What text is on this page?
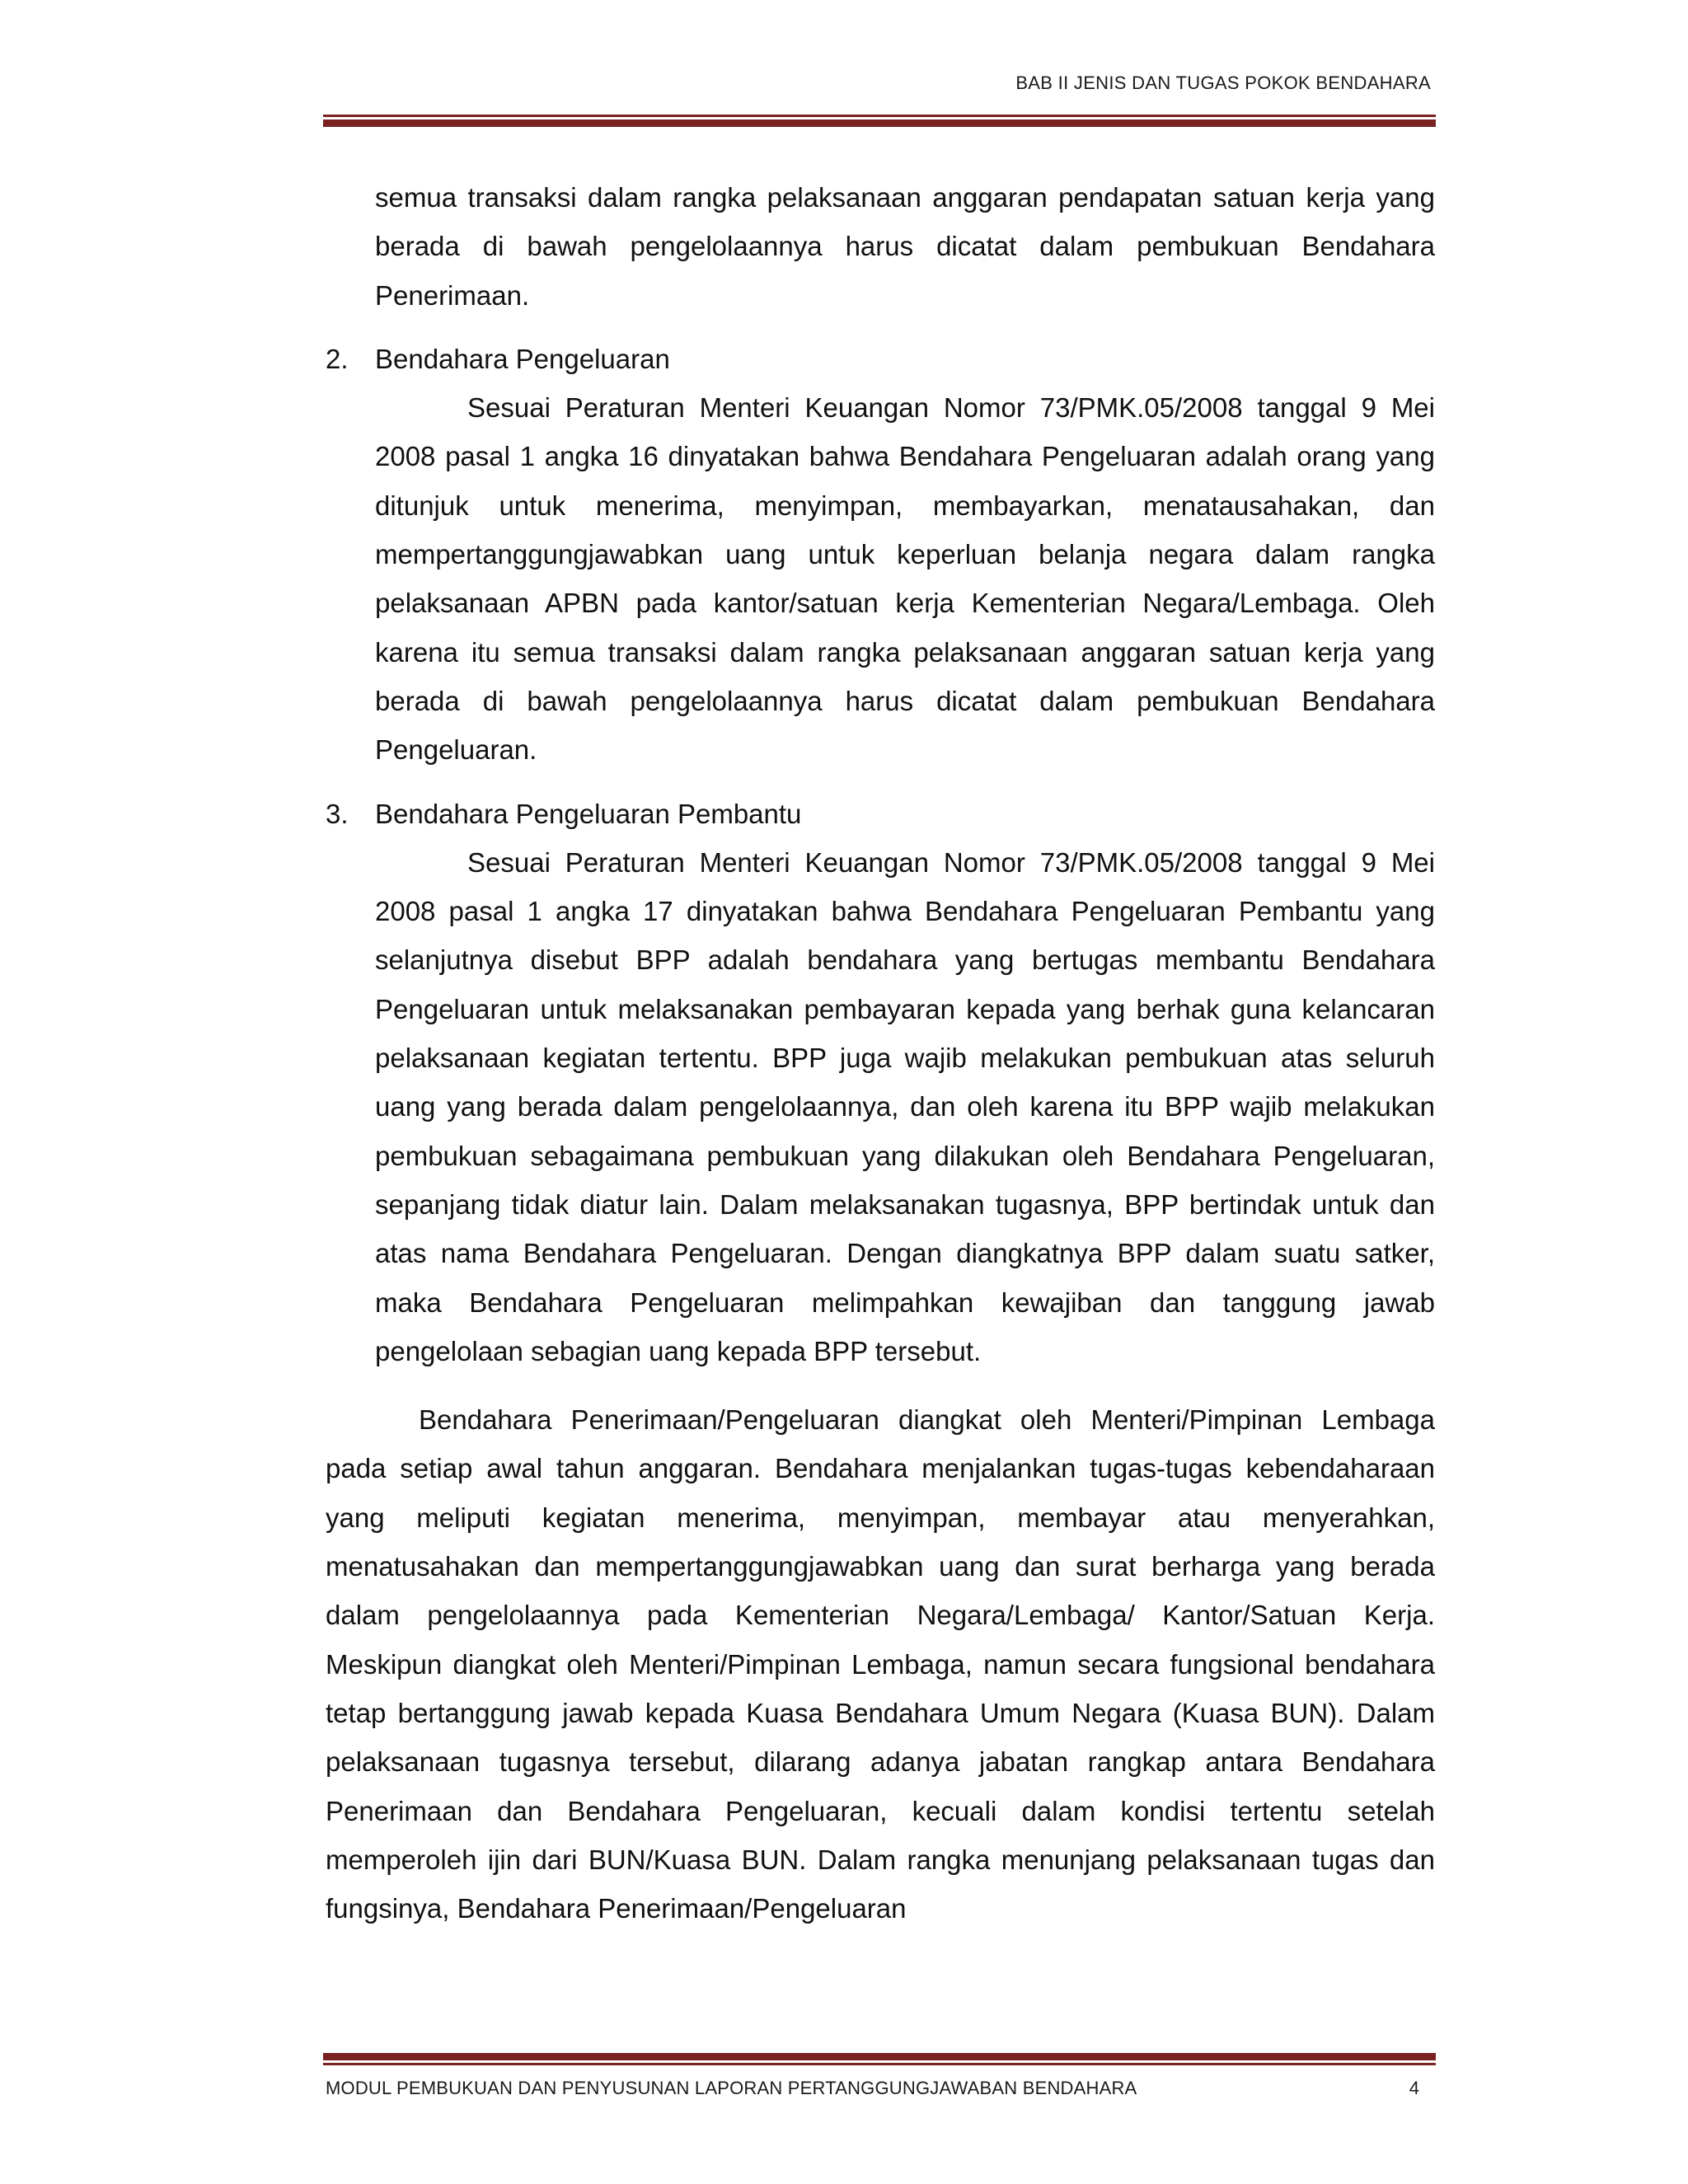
BAB II JENIS DAN TUGAS POKOK BENDAHARA

semua transaksi dalam rangka pelaksanaan anggaran pendapatan satuan kerja yang berada di bawah pengelolaannya harus dicatat dalam pembukuan Bendahara Penerimaan.

2. Bendahara Pengeluaran

Sesuai Peraturan Menteri Keuangan Nomor 73/PMK.05/2008 tanggal 9 Mei 2008 pasal 1 angka 16 dinyatakan bahwa Bendahara Pengeluaran adalah orang yang ditunjuk untuk menerima, menyimpan, membayarkan, menatausahakan, dan mempertanggungjawabkan uang untuk keperluan belanja negara dalam rangka pelaksanaan APBN pada kantor/satuan kerja Kementerian Negara/Lembaga. Oleh karena itu semua transaksi dalam rangka pelaksanaan anggaran satuan kerja yang berada di bawah pengelolaannya harus dicatat dalam pembukuan Bendahara Pengeluaran.

3. Bendahara Pengeluaran Pembantu

Sesuai Peraturan Menteri Keuangan Nomor 73/PMK.05/2008 tanggal 9 Mei 2008 pasal 1 angka 17 dinyatakan bahwa Bendahara Pengeluaran Pembantu yang selanjutnya disebut BPP adalah bendahara yang bertugas membantu Bendahara Pengeluaran untuk melaksanakan pembayaran kepada yang berhak guna kelancaran pelaksanaan kegiatan tertentu. BPP juga wajib melakukan pembukuan atas seluruh uang yang berada dalam pengelolaannya, dan oleh karena itu BPP wajib melakukan pembukuan sebagaimana pembukuan yang dilakukan oleh Bendahara Pengeluaran, sepanjang tidak diatur lain. Dalam melaksanakan tugasnya, BPP bertindak untuk dan atas nama Bendahara Pengeluaran. Dengan diangkatnya BPP dalam suatu satker, maka Bendahara Pengeluaran melimpahkan kewajiban dan tanggung jawab pengelolaan sebagian uang kepada BPP tersebut.

Bendahara Penerimaan/Pengeluaran diangkat oleh Menteri/Pimpinan Lembaga pada setiap awal tahun anggaran. Bendahara menjalankan tugas-tugas kebendaharaan yang meliputi kegiatan menerima, menyimpan, membayar atau menyerahkan, menatusahakan dan mempertanggungjawabkan uang dan surat berharga yang berada dalam pengelolaannya pada Kementerian Negara/Lembaga/ Kantor/Satuan Kerja. Meskipun diangkat oleh Menteri/Pimpinan Lembaga, namun secara fungsional bendahara tetap bertanggung jawab kepada Kuasa Bendahara Umum Negara (Kuasa BUN). Dalam pelaksanaan tugasnya tersebut, dilarang adanya jabatan rangkap antara Bendahara Penerimaan dan Bendahara Pengeluaran, kecuali dalam kondisi tertentu setelah memperoleh ijin dari BUN/Kuasa BUN. Dalam rangka menunjang pelaksanaan tugas dan fungsinya, Bendahara Penerimaan/Pengeluaran

MODUL PEMBUKUAN DAN PENYUSUNAN LAPORAN PERTANGGUNGJAWABAN BENDAHARA	4
